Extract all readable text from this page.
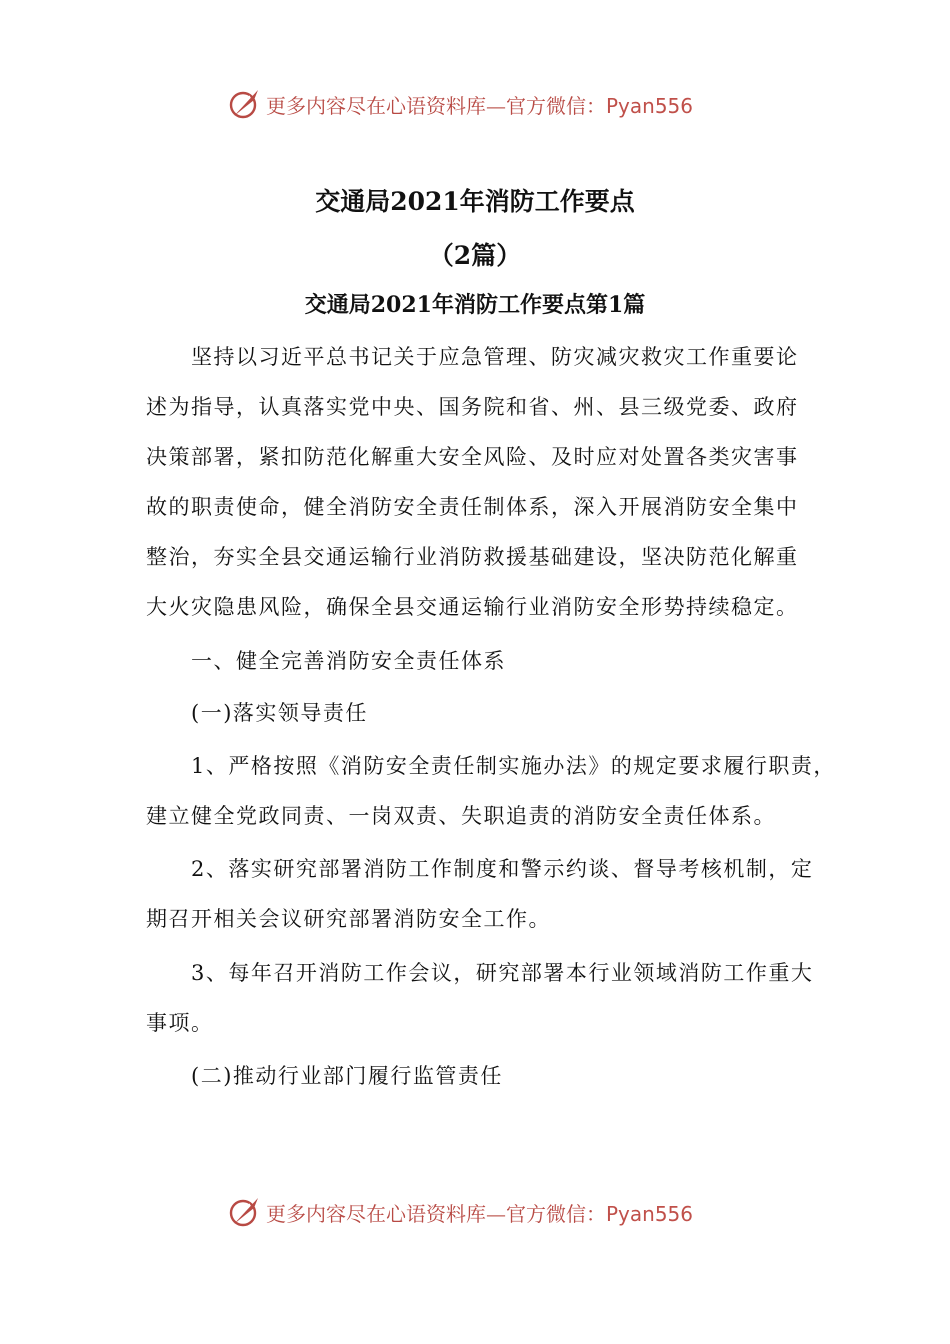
更多内容尽在心语资料库—官方微信：Pyan556
交通局2021年消防工作要点
（2篇）
交通局2021年消防工作要点第1篇
　　坚持以习近平总书记关于应急管理、防灾减灾救灾工作重要论
述为指导，认真落实党中央、国务院和省、州、县三级党委、政府
决策部署，紧扣防范化解重大安全风险、及时应对处置各类灾害事
故的职责使命，健全消防安全责任制体系，深入开展消防安全集中
整治，夯实全县交通运输行业消防救援基础建设，坚决防范化解重
大火灾隐患风险，确保全县交通运输行业消防安全形势持续稳定。
　　一、健全完善消防安全责任体系
　　(一)落实领导责任
　　1、严格按照《消防安全责任制实施办法》的规定要求履行职责，
建立健全党政同责、一岗双责、失职追责的消防安全责任体系。
　　2、落实研究部署消防工作制度和警示约谈、督导考核机制，定
期召开相关会议研究部署消防安全工作。
　　3、每年召开消防工作会议，研究部署本行业领域消防工作重大
事项。
　　(二)推动行业部门履行监管责任
更多内容尽在心语资料库—官方微信：Pyan556
